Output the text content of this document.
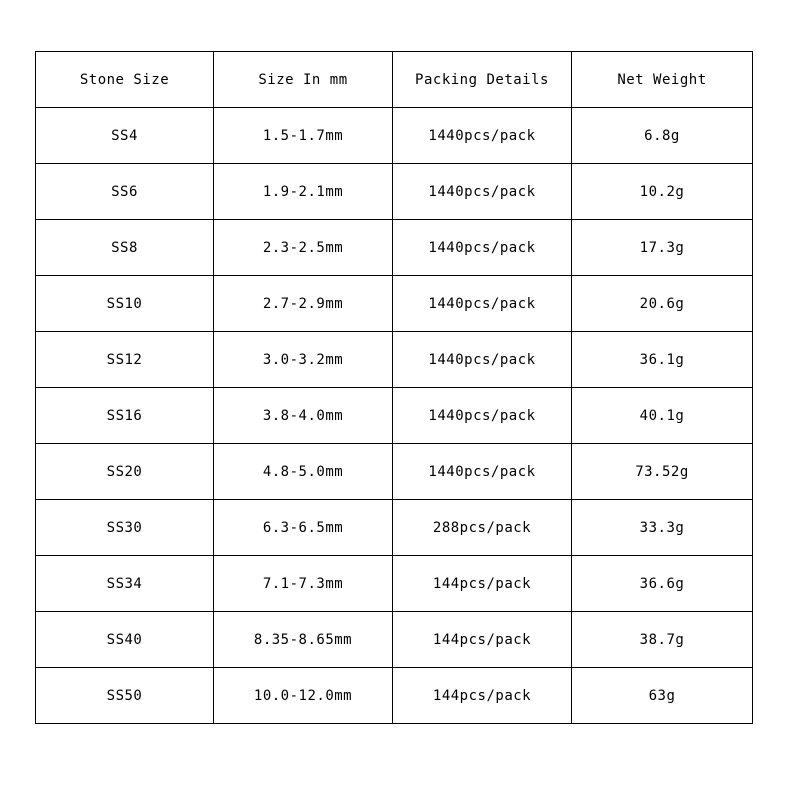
Stone Size	Size In mm	Packing Details	Net Weight
SS4	1.5-1.7mm	1440pcs/pack	6.8g
SS6	1.9-2.1mm	1440pcs/pack	10.2g
SS8	2.3-2.5mm	1440pcs/pack	17.3g
SS10	2.7-2.9mm	1440pcs/pack	20.6g
SS12	3.0-3.2mm	1440pcs/pack	36.1g
SS16	3.8-4.0mm	1440pcs/pack	40.1g
SS20	4.8-5.0mm	1440pcs/pack	73.52g
SS30	6.3-6.5mm	288pcs/pack	33.3g
SS34	7.1-7.3mm	144pcs/pack	36.6g
SS40	8.35-8.65mm	144pcs/pack	38.7g
SS50	10.0-12.0mm	144pcs/pack	63g
